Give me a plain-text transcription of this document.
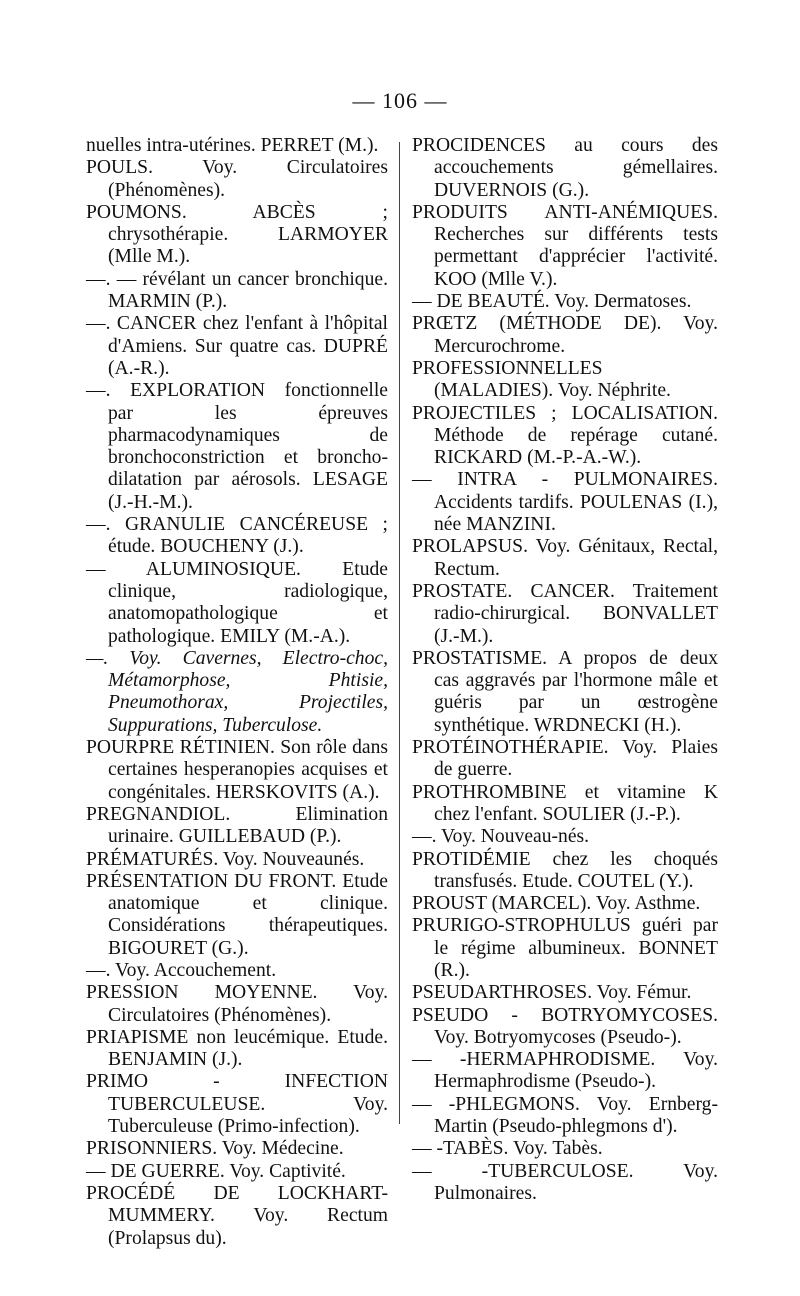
— 106 —
nuelles intra-utérines. PERRET (M.).
POULS. Voy. Circulatoires (Phénomènes).
POUMONS. ABCÈS ; chrysothérapie. LARMOYER (Mlle M.).
—. — révélant un cancer bronchique. MARMIN (P.).
—. CANCER chez l'enfant à l'hôpital d'Amiens. Sur quatre cas. DUPRÉ (A.-R.).
—. EXPLORATION fonctionnelle par les épreuves pharmacodynamiques de bronchoconstriction et broncho-dilatation par aérosols. LESAGE (J.-H.-M.).
—. GRANULIE CANCÉREUSE ; étude. BOUCHENY (J.).
— ALUMINOSIQUE. Etude clinique, radiologique, anatomopathologique et pathologique. EMILY (M.-A.).
—. Voy. Cavernes, Electro-choc, Métamorphose, Phtisie, Pneumothorax, Projectiles, Suppurations, Tuberculose.
POURPRE RÉTINIEN. Son rôle dans certaines hesperanopies acquises et congénitales. HERSKOVITS (A.).
PREGNANDIOL. Elimination urinaire. GUILLEBAUD (P.).
PRÉMATURÉS. Voy. Nouveaunés.
PRÉSENTATION DU FRONT. Etude anatomique et clinique. Considérations thérapeutiques. BIGOURET (G.).
—. Voy. Accouchement.
PRESSION MOYENNE. Voy. Circulatoires (Phénomènes).
PRIAPISME non leucémique. Etude. BENJAMIN (J.).
PRIMO - INFECTION TUBERCULEUSE. Voy. Tuberculeuse (Primo-infection).
PRISONNIERS. Voy. Médecine.
— DE GUERRE. Voy. Captivité.
PROCÉDÉ DE LOCKHART-MUMMERY. Voy. Rectum (Prolapsus du).
PROCIDENCES au cours des accouchements gémellaires. DUVERNOIS (G.).
PRODUITS ANTI-ANÉMIQUES. Recherches sur différents tests permettant d'apprécier l'activité. KOO (Mlle V.).
— DE BEAUTÉ. Voy. Dermatoses.
PRŒTZ (MÉTHODE DE). Voy. Mercurochrome.
PROFESSIONNELLES (MALADIES). Voy. Néphrite.
PROJECTILES ; LOCALISATION. Méthode de repérage cutané. RICKARD (M.-P.-A.-W.).
— INTRA - PULMONAIRES. Accidents tardifs. POULENAS (I.), née MANZINI.
PROLAPSUS. Voy. Génitaux, Rectal, Rectum.
PROSTATE. CANCER. Traitement radio-chirurgical. BONVALLET (J.-M.).
PROSTATISME. A propos de deux cas aggravés par l'hormone mâle et guéris par un œstrogène synthétique. WRDNECKI (H.).
PROTÉINOTHÉRAPIE. Voy. Plaies de guerre.
PROTHROMBINE et vitamine K chez l'enfant. SOULIER (J.-P.).
—. Voy. Nouveau-nés.
PROTIDÉMIE chez les choqués transfusés. Etude. COUTEL (Y.).
PROUST (MARCEL). Voy. Asthme.
PRURIGO-STROPHULUS guéri par le régime albumineux. BONNET (R.).
PSEUDARTHROSES. Voy. Fémur.
PSEUDO - BOTRYOMYCOSES. Voy. Botryomycoses (Pseudo-).
— -HERMAPHRODISME. Voy. Hermaphrodisme (Pseudo-).
— -PHLEGMONS. Voy. Ernberg-Martin (Pseudo-phlegmons d').
— -TABÈS. Voy. Tabès.
— -TUBERCULOSE. Voy. Pulmonaires.
